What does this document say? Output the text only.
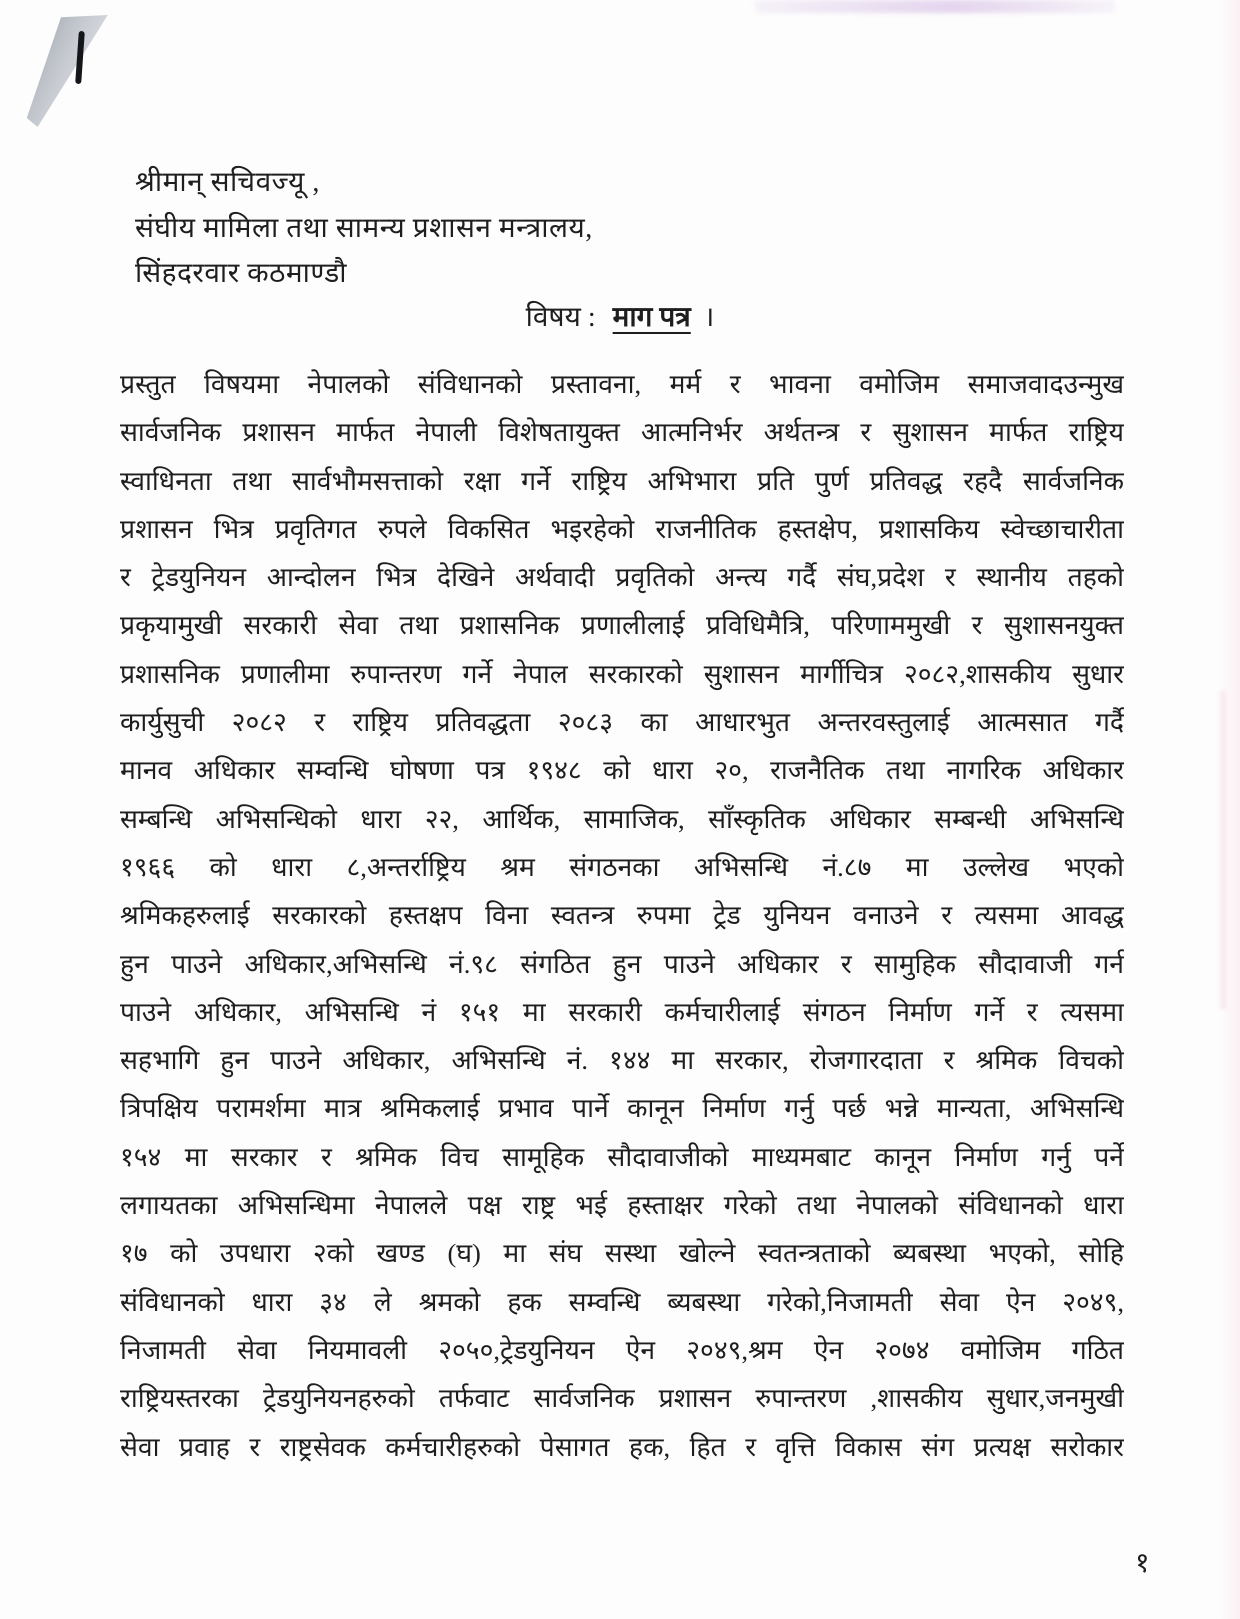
श्रीमान् सचिवज्यू ,
संघीय मामिला तथा सामन्य प्रशासन मन्त्रालय,
सिंहदरवार कठमाण्डौ
विषय : माग पत्र ।
प्रस्तुत विषयमा नेपालको संविधानको प्रस्तावना, मर्म र भावना वमोजिम समाजवादउन्मुख
सार्वजनिक प्रशासन मार्फत नेपाली विशेषतायुक्त आत्मनिर्भर अर्थतन्त्र र सुशासन मार्फत राष्ट्रिय
स्वाधिनता तथा सार्वभौमसत्ताको रक्षा गर्ने राष्ट्रिय अभिभारा प्रति पुर्ण प्रतिवद्ध रहदै सार्वजनिक
प्रशासन भित्र प्रवृतिगत रुपले विकसित भइरहेको राजनीतिक हस्तक्षेप, प्रशासकिय स्वेच्छाचारीता
र ट्रेडयुनियन आन्दोलन भित्र देखिने अर्थवादी प्रवृतिको अन्त्य गर्दै संघ,प्रदेश र स्थानीय तहको
प्रकृयामुखी सरकारी सेवा तथा प्रशासनिक प्रणालीलाई प्रविधिमैत्रि, परिणाममुखी र सुशासनयुक्त
प्रशासनिक प्रणालीमा रुपान्तरण गर्ने नेपाल सरकारको सुशासन मार्गीचित्र २०८२,शासकीय सुधार
कार्युसुची २०८२ र राष्ट्रिय प्रतिवद्धता २०८३ का आधारभुत अन्तरवस्तुलाई आत्मसात गर्दै
मानव अधिकार सम्वन्धि घोषणा पत्र १९४८ को धारा २०, राजनैतिक तथा नागरिक अधिकार
सम्बन्धि अभिसन्धिको धारा २२, आर्थिक, सामाजिक, साँस्कृतिक अधिकार सम्बन्धी अभिसन्धि
१९६६ को धारा ८,अन्तर्राष्ट्रिय श्रम संगठनका अभिसन्धि नं.८७ मा उल्लेख भएको
श्रमिकहरुलाई सरकारको हस्तक्षप विना स्वतन्त्र रुपमा ट्रेड युनियन वनाउने र त्यसमा आवद्ध
हुन पाउने अधिकार,अभिसन्धि नं.९८ संगठित हुन पाउने अधिकार र सामुहिक सौदावाजी गर्न
पाउने अधिकार, अभिसन्धि नं १५१ मा सरकारी कर्मचारीलाई संगठन निर्माण गर्ने र त्यसमा
सहभागि हुन पाउने अधिकार, अभिसन्धि नं. १४४ मा सरकार, रोजगारदाता र श्रमिक विचको
त्रिपक्षिय परामर्शमा मात्र श्रमिकलाई प्रभाव पार्ने कानून निर्माण गर्नु पर्छ भन्ने मान्यता, अभिसन्धि
१५४ मा सरकार र श्रमिक विच सामूहिक सौदावाजीको माध्यमबाट कानून निर्माण गर्नु पर्ने
लगायतका अभिसन्धिमा नेपालले पक्ष राष्ट्र भई हस्ताक्षर गरेको तथा नेपालको संविधानको धारा
१७ को उपधारा २को खण्ड (घ) मा संघ सस्था खोल्ने स्वतन्त्रताको ब्यबस्था भएको, सोहि
संविधानको धारा ३४ ले श्रमको हक सम्वन्धि ब्यबस्था गरेको,निजामती सेवा ऐन २०४९,
निजामती सेवा नियमावली २०५०,ट्रेडयुनियन ऐन २०४९,श्रम ऐन २०७४ वमोजिम गठित
राष्ट्रियस्तरका ट्रेडयुनियनहरुको तर्फवाट सार्वजनिक प्रशासन रुपान्तरण ,शासकीय सुधार,जनमुखी
सेवा प्रवाह र राष्ट्रसेवक कर्मचारीहरुको पेसागत हक, हित र वृत्ति विकास संग प्रत्यक्ष सरोकार
१
